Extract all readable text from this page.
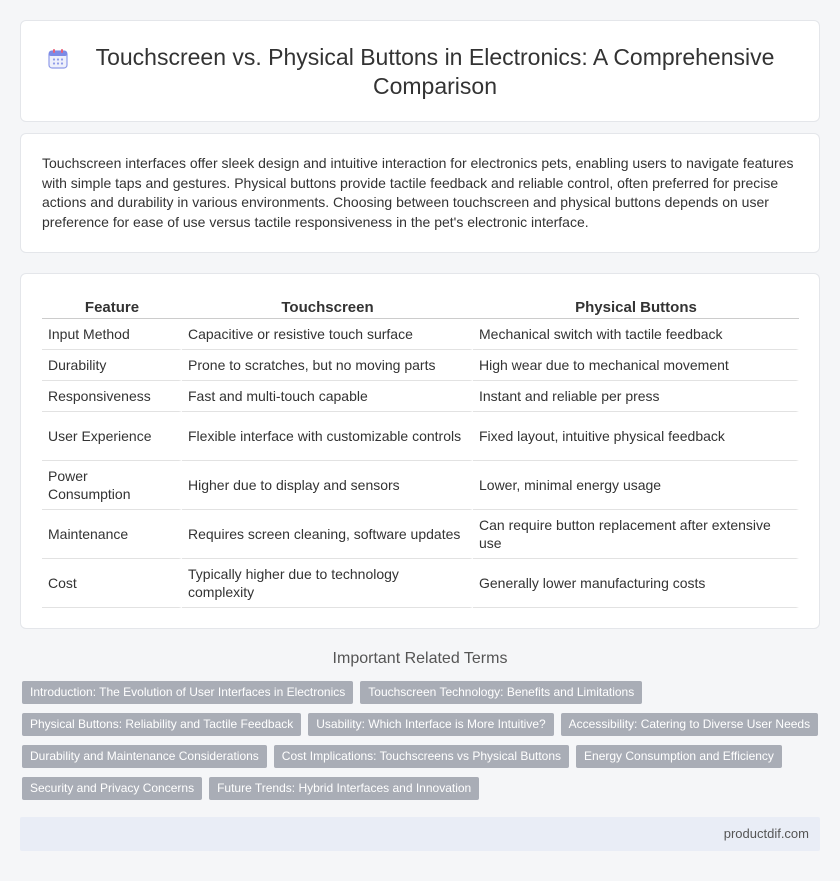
Touchscreen vs. Physical Buttons in Electronics: A Comprehensive Comparison

Touchscreen interfaces offer sleek design and intuitive interaction for electronics pets, enabling users to navigate features with simple taps and gestures. Physical buttons provide tactile feedback and reliable control, often preferred for precise actions and durability in various environments. Choosing between touchscreen and physical buttons depends on user preference for ease of use versus tactile responsiveness in the pet's electronic interface.

Feature	Touchscreen	Physical Buttons
Input Method	Capacitive or resistive touch surface	Mechanical switch with tactile feedback
Durability	Prone to scratches, but no moving parts	High wear due to mechanical movement
Responsiveness	Fast and multi-touch capable	Instant and reliable per press
User Experience	Flexible interface with customizable controls	Fixed layout, intuitive physical feedback
Power Consumption	Higher due to display and sensors	Lower, minimal energy usage
Maintenance	Requires screen cleaning, software updates	Can require button replacement after extensive use
Cost	Typically higher due to technology complexity	Generally lower manufacturing costs
Important Related Terms
Introduction: The Evolution of User Interfaces in Electronics	Touchscreen Technology: Benefits and Limitations
Physical Buttons: Reliability and Tactile Feedback	Usability: Which Interface is More Intuitive?	Accessibility: Catering to Diverse User Needs
Durability and Maintenance Considerations	Cost Implications: Touchscreens vs Physical Buttons	Energy Consumption and Efficiency
Security and Privacy Concerns	Future Trends: Hybrid Interfaces and Innovation
productdif.com
